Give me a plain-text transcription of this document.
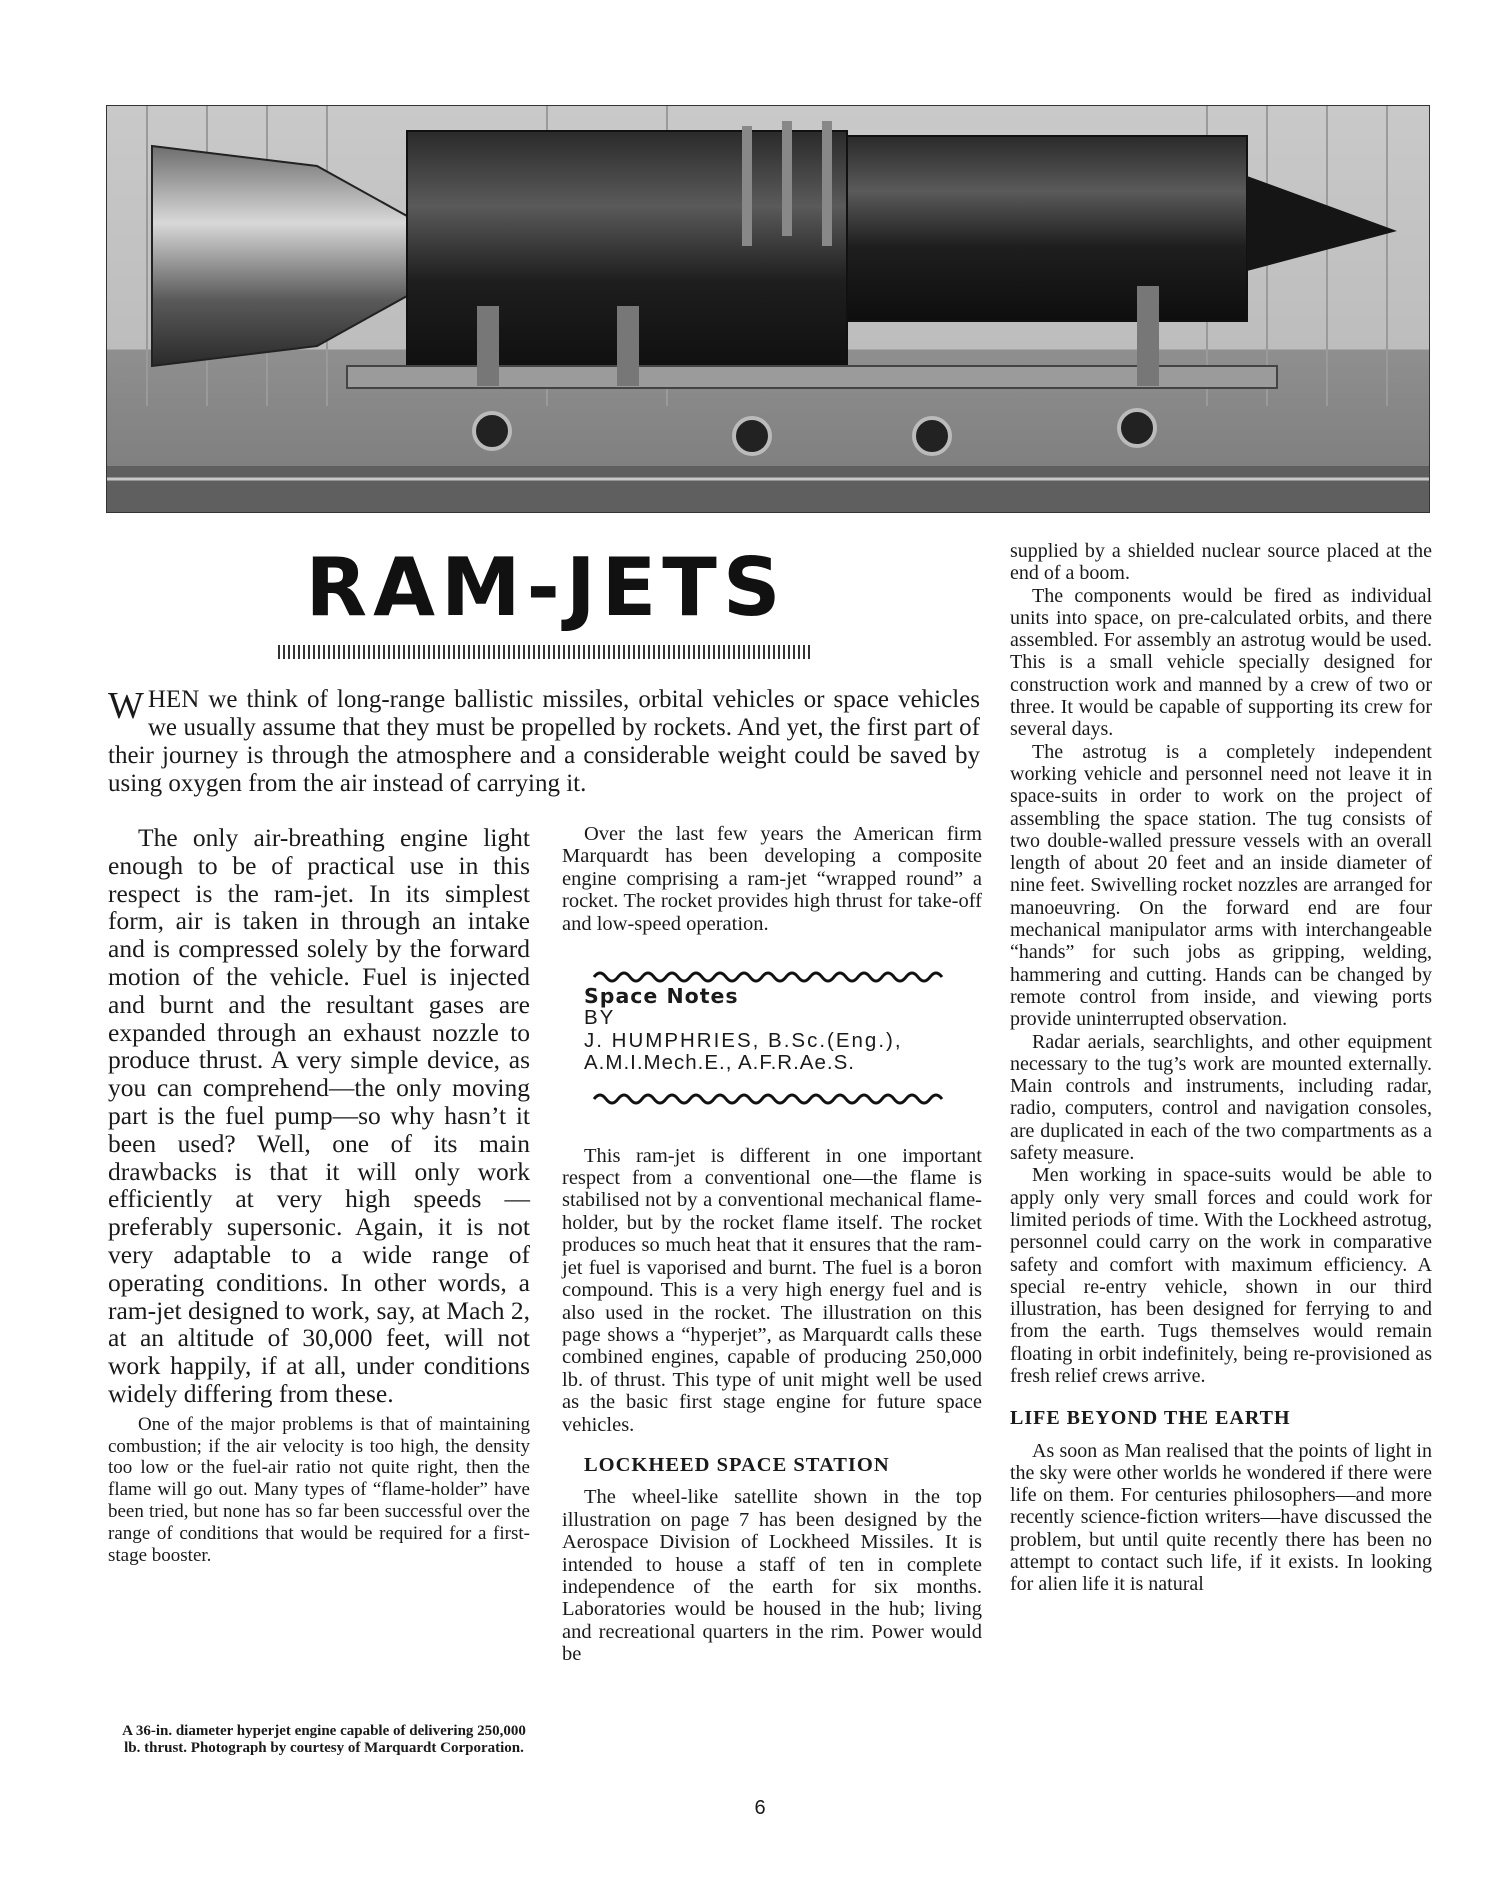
RAM-JETS

WHEN we think of long-range ballistic missiles, orbital vehicles or space vehicles we usually assume that they must be propelled by rockets. And yet, the first part of their journey is through the atmosphere and a considerable weight could be saved by using oxygen from the air instead of carrying it.

The only air-breathing engine light enough to be of practical use in this respect is the ram-jet. In its simplest form, air is taken in through an intake and is compressed solely by the forward motion of the vehicle. Fuel is injected and burnt and the resultant gases are expanded through an exhaust nozzle to produce thrust. A very simple device, as you can comprehend—the only moving part is the fuel pump—so why hasn’t it been used? Well, one of its main drawbacks is that it will only work efficiently at very high speeds — preferably supersonic. Again, it is not very adaptable to a wide range of operating conditions. In other words, a ram-jet designed to work, say, at Mach 2, at an altitude of 30,000 feet, will not work happily, if at all, under conditions widely differing from these.

One of the major problems is that of maintaining combustion; if the air velocity is too high, the density too low or the fuel-air ratio not quite right, then the flame will go out. Many types of “flame-holder” have been tried, but none has so far been successful over the range of conditions that would be required for a first-stage booster.

A 36-in. diameter hyperjet engine capable of delivering 250,000 lb. thrust. Photograph by courtesy of Marquardt Corporation.

Over the last few years the American firm Marquardt has been developing a composite engine comprising a ram-jet “wrapped round” a rocket. The rocket provides high thrust for take-off and low-speed operation.

Space Notes

BY

J. HUMPHRIES, B.Sc.(Eng.),

A.M.I.Mech.E., A.F.R.Ae.S.

This ram-jet is different in one important respect from a conventional one—the flame is stabilised not by a conventional mechanical flame-holder, but by the rocket flame itself. The rocket produces so much heat that it ensures that the ram-jet fuel is vaporised and burnt. The fuel is a boron compound. This is a very high energy fuel and is also used in the rocket. The illustration on this page shows a “hyperjet”, as Marquardt calls these combined engines, capable of producing 250,000 lb. of thrust. This type of unit might well be used as the basic first stage engine for future space vehicles.

LOCKHEED SPACE STATION

The wheel-like satellite shown in the top illustration on page 7 has been designed by the Aerospace Division of Lockheed Missiles. It is intended to house a staff of ten in complete independence of the earth for six months. Laboratories would be housed in the hub; living and recreational quarters in the rim. Power would be

supplied by a shielded nuclear source placed at the end of a boom.

The components would be fired as individual units into space, on pre-calculated orbits, and there assembled. For assembly an astrotug would be used. This is a small vehicle specially designed for construction work and manned by a crew of two or three. It would be capable of supporting its crew for several days.

The astrotug is a completely independent working vehicle and personnel need not leave it in space-suits in order to work on the project of assembling the space station. The tug consists of two double-walled pressure vessels with an overall length of about 20 feet and an inside diameter of nine feet. Swivelling rocket nozzles are arranged for manoeuvring. On the forward end are four mechanical manipulator arms with interchangeable “hands” for such jobs as gripping, welding, hammering and cutting. Hands can be changed by remote control from inside, and viewing ports provide uninterrupted observation.

Radar aerials, searchlights, and other equipment necessary to the tug’s work are mounted externally. Main controls and instruments, including radar, radio, computers, control and navigation consoles, are duplicated in each of the two compartments as a safety measure.

Men working in space-suits would be able to apply only very small forces and could work for limited periods of time. With the Lockheed astrotug, personnel could carry on the work in comparative safety and comfort with maximum efficiency. A special re-entry vehicle, shown in our third illustration, has been designed for ferrying to and from the earth. Tugs themselves would remain floating in orbit indefinitely, being re-provisioned as fresh relief crews arrive.

LIFE BEYOND THE EARTH

As soon as Man realised that the points of light in the sky were other worlds he wondered if there were life on them. For centuries philosophers—and more recently science-fiction writers—have discussed the problem, but until quite recently there has been no attempt to contact such life, if it exists. In looking for alien life it is natural

6
